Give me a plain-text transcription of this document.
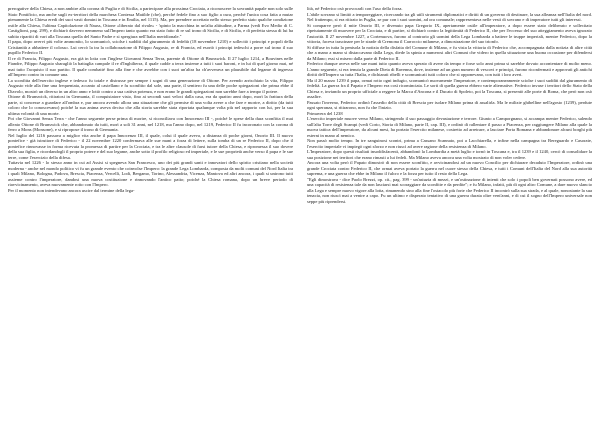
prerogative della Chiesa, a non ambire alla corona di Puglia e di Sicilia, a partecipare alla prossima Crociata, a riconoscere la sovranità papale non solo sulle Stato Pontificio, ma anche sugli ex-territori della marchesa Contessa Matilde (che), perché fedele fino a suo figlio a cura, perché l'unica cosa fatta a mutar pienamente la Chiesa eredi dei suoi vasti domini in Toscana e in Emilia, nel 1115). Ma, per prendere accettato nello stesso perfetto stato qualche condizione ostile alla Chiesa, l'ultima Capitolazione di Nauss, Ottone «liberato dal rivale» - 'spinto la macchina in un'alta altitudine, a Parma (vedi Evo Medio di C. Castiglioni, pag. 299), e dichiarò davvero nemmeno sull'Impero tanto quanto era stato fatto di re sul trono di Sicilia, e di Sicilia, e di perfetta stessa di lui ha subito ripartiti di vari alla Toscana quella del Santo Padre e si spergiura nell'Italia meridionale."

Il papa, dopo avervi più volte ammonito, lo scomunicò, sciolse i sudditi dal giuramento di fedeltà (18 novembre 1210) e sollecitò i principi e popoli della Cristianità a abbattere il colosso. Lui cercò la tra la collaborazione di Filippo Augusto, re di Francia, ed esortò i principi tedeschi a porre sul trono il suo pupillo Federico II.

Il re di Francia, Filippo Augusto, era già in lotta con l'inglese Giovanni Senza Terra, parente di Ottone di Brunswick. Il 27 luglio 1214, a Bouvines nelle Fiandre, Filippo Augusto sbaragliò la battaglia campale il re d'Inghilterra, il quale cadde a terra insieme a tutti i suoi baroni, e in lui di quel giorno mai, né mai tutto l'acquisto il suo partito. Il quale combatté fino alla fine e che avrebbe con i suoi un'altra ha ch'avverava un plausibile dal legame di ingresso all'Impero contro in comune una.

La sconfitta dell'esercito inglese e tedesco fu totale e distrusse per sempre i sogni di una generazione di Ottone. Per avendo arrischiato la vita, Filippo Augusto vide alla fine una frequentata, accanto al castellano e fu sconfitto dal sole, una parte, il sentiero fu una delle poche spiegazioni che prima ebbe il Diavolo, mostrò un diverso in un altro anno e lottò contro a sua cattiva potenza, e non erano le grandi spiegazioni non sarebbe fare a tempo il potere.

Ottone di Brunswick, ritiratosi in Germania, il conquistatore visto, fino ai secondi suoi veloci dalla casa, era da quattro anni dopo, morì la frattura della parte, si concesse a guardare all'ombra e, pur ancora avendo allora una situazione che gli permise di una volta avere a che fare e morire, a diritto (da tutti coloro che lo conoscevano) poiché la sua anima aveva deciso che alla storia sarebbe stata riportata qualunque volta più nel rapporto con lui, per la sua ultima volontà di una morte.

Poi che Giovanni Senza Terra - che l'anno seguente perse prima di morire, si riconciliava con Innocenzo III -, poiché le spese della dura sconfitta il mai alleato Ottone di Brunswick che, abbandonato da tutti, morì a soli 31 anni, nel 1218, ma l'anno dopo, nel 1219, Federico II fu incoronato con la corona di ferro a Mons (Monsone), e si ripropose il trono di Germania.

Nel luglio del 1216 passava a miglior vita anche il papa Innocenzo III, il quale, colui il quale aveva, a distanza di poche giorni, Onorio III. Il nuovo pontefice - già istruttore di Federico - il 22 novembre 1220 confermava alle sue mani a forza di lettere, sulla tomba di un re Federico II, dopo che il pontefice rinnovasse in forma ricevuta la promessa di partire per la Crociata, e tra le altre clausole di farsi tutore della Chiesa, e ripromessa il suo dovere della sua figlia, e ricordandogli il proprio potere e del suo legame, anche sotto il profilo religioso ed imperiale, e le sue proprietà anche verso il papa e le sue terre, come l'esercizio della difesa.

Tuttavia nel 1226 - lo stesso anno in cui ad Assisi si spegneva San Francesco, uno dei più grandi santi e innovatori dello spirito cristiano nella società moderna - anche nel mondo politico vi fu un grande evento che coinvolse l'Impero: la grande Lega Lombarda, composta da molti comuni del Nord Italia tra i quali Milano, Bologna, Padova, Brescia, Piacenza, Vercelli, Lodi, Bergamo, Torino, Alessandria, Vicenza, Mantova ed altri ancora, i quali si unirono tutti assieme contro l'imperatore, dandosi una nuova costituzione e rinnovando l'antico patto; poiché la Chiesa romana, dopo un breve periodo di riavvicinamento, aveva nuovamente rotto con l'Impero.

Per il momento non intendevano ancora uscire dal termine della lega-

lità, né Federico osò provocarli con l'uso della forza.

L'abile sovrano si limitò a temporeggiare, ricercando tra gli utili strumenti diplomatici e diritti di un governo di destinare, la sua alleanza nell'Italia del nord. Nel frattempo, si era ritirato in Puglia, se pur con i suoi uomini, ad ora comunale; rappresentava nelle vesti di sovrano e di imperatore tutti gli interessi.

Si comparve però il mite Onorio III, e divenuto papa Gregorio IX, apertamente ostile all'imperatore, a dopo essere stato deliberato e sollecitato ripetutamente di muovere per la Crociata, e di partire, si dichiarò contro la legittimità di Federico II, che per l'eccesso del suo atteggiamento aveva ignorato l'autorità. Il 27 novembre 1227, a Cortenuova, furono al contrario gli uomini della Lega Lombarda a battere le truppe imperiali, mentre Federico, dopo la vittoria, faceva trascinare per le strade di Cremona il Carroccio milanese, a dimostrazione del suo trionfo.

Si diffuse in tutta la penisola la notizia della disfatta del Comune di Milano, e fu vista la vittoria di Federico che, accompagnata dalla notizia di altre città che a mano a mano si distaccavano dalla Lega, diede la spinta a numerosi altri Comuni che videro in quella situazione una buona occasione per difendersi da Milano; essi si misero dalla parte di Federico II.

Federico dunque aveva nelle sue mani tutto quanto aveva sperato di avere da tempo e forse solo anni prima si sarebbe dovuto accontentare di molto meno. L'anno seguente, si era tenuta la grande Dieta di Ravenna, dove, insieme ad un gran numero di vescovi e principi, furono riconfermati e approvati gli antichi diritti dell'Impero su tutta l'Italia, e dichiarati ribelli e scomunicati tutti coloro che si opponevano, con tutti i loro averi.

Ma il 20 marzo 1239 il papa, ormai rotto ogni indugio, scomunicò nuovamente l'imperatore, e contemporaneamente sciolse i suoi sudditi dal giuramento di fedeltà. La guerra fra il Papato e l'Impero era così ricominciata. Le sorti di quella guerra ebbero varie alternative. Federico invase i territori dello Stato della Chiesa e, inviando un proprio ufficiale a reggere la Marca d'Ancona e il Ducato di Spoleto, poi la Toscana, si presentò alle porte di Roma, che però non osò assalire.

Passato l'inverno, Federico ordinò l'assedio della città di Brescia per isolare Milano prima di assalirla. Ma le milizie ghibelline nell'agosto (1239), perdute ogni speranza, si ritirarono, non fu che l'inizio.

Primavera del 1238

L'esercito imperiale muove verso Milano, stringendo il suo passaggio devastazione e terrore. Giunto a Camporgnano, si accampa mentre Federico, salendo sull'alta Torre degli Scampi (vedi Corio, Storia di Milano, parte II, cap. III), e ordinò di rallentare il passo a Piacenza, per raggiungere Milano alla quale la nuova tattica dell'imperatore, da alcuni mesi, ha portato l'esercito milanese, costretto ad arretrare, a lasciare Porta Romana e abbandonare alcuni borghi più esterni in mano al nemico.

Non passò molto tempo. In tre sanguinosi scontri, prima a Cassano Scannato, poi a Lacchiarella, e infine nella campagna tra Bereguardo e Casorate, l'esercito imperiale vi impiegò ogni sforzo e non riuscì ad avere ragione della resistenza di Milano.

L'Imperatore, dopo questi risultati insoddisfacenti, abbandonò la Lombardia a metà luglio e tornò in Toscana e, tra il 1239 e il 1240, cercò di consolidare la sua posizione nei territori che erano rimasti a lui fedeli. Ma Milano aveva ancora una volta mostrato di non voler cedere.

Ancora una volta però il Papato dimostrò di non essere sconfitto, e avvicinandosi ad un nuovo Concilio per dichiarare decaduto l'Imperatore, ordinò una grande Crociata contro Federico II, che ormai aveva portato la guerra nel cuore stesso della Chiesa, e tutti i Comuni dell'Italia del Nord alla sua autorità suprema, e una guerra che ebbe in Milano il fulcro e la forza per tutto il resto della Lega.

"Egli dimostrava - dice Paolo Brezzi, op. cit., pag. 399 - un'astuzia di mezzi, e un'ostinazione di intenti che solo i popoli ben governati possono avere, ed una capacità di resistenza tale da non lasciarsi mai scoraggiare da sconfitte e da perdite"; e fu Milano, infatti, più di ogni altro Comune, a dare nuovo slancio alla Lega e sempre nuovo vigore alla lotta, rimanendo sino alla fine l'ostacolo più forte che Federico II incontrò sulla sua strada, e al quale, nonostante la sua tenacia, non riuscì mai a venire a capo. Fu un ultimo e disperato tentativo di una guerra durata oltre vent'anni, e di cui il sogno dell'Impero universale non seppe più riprendersi.
